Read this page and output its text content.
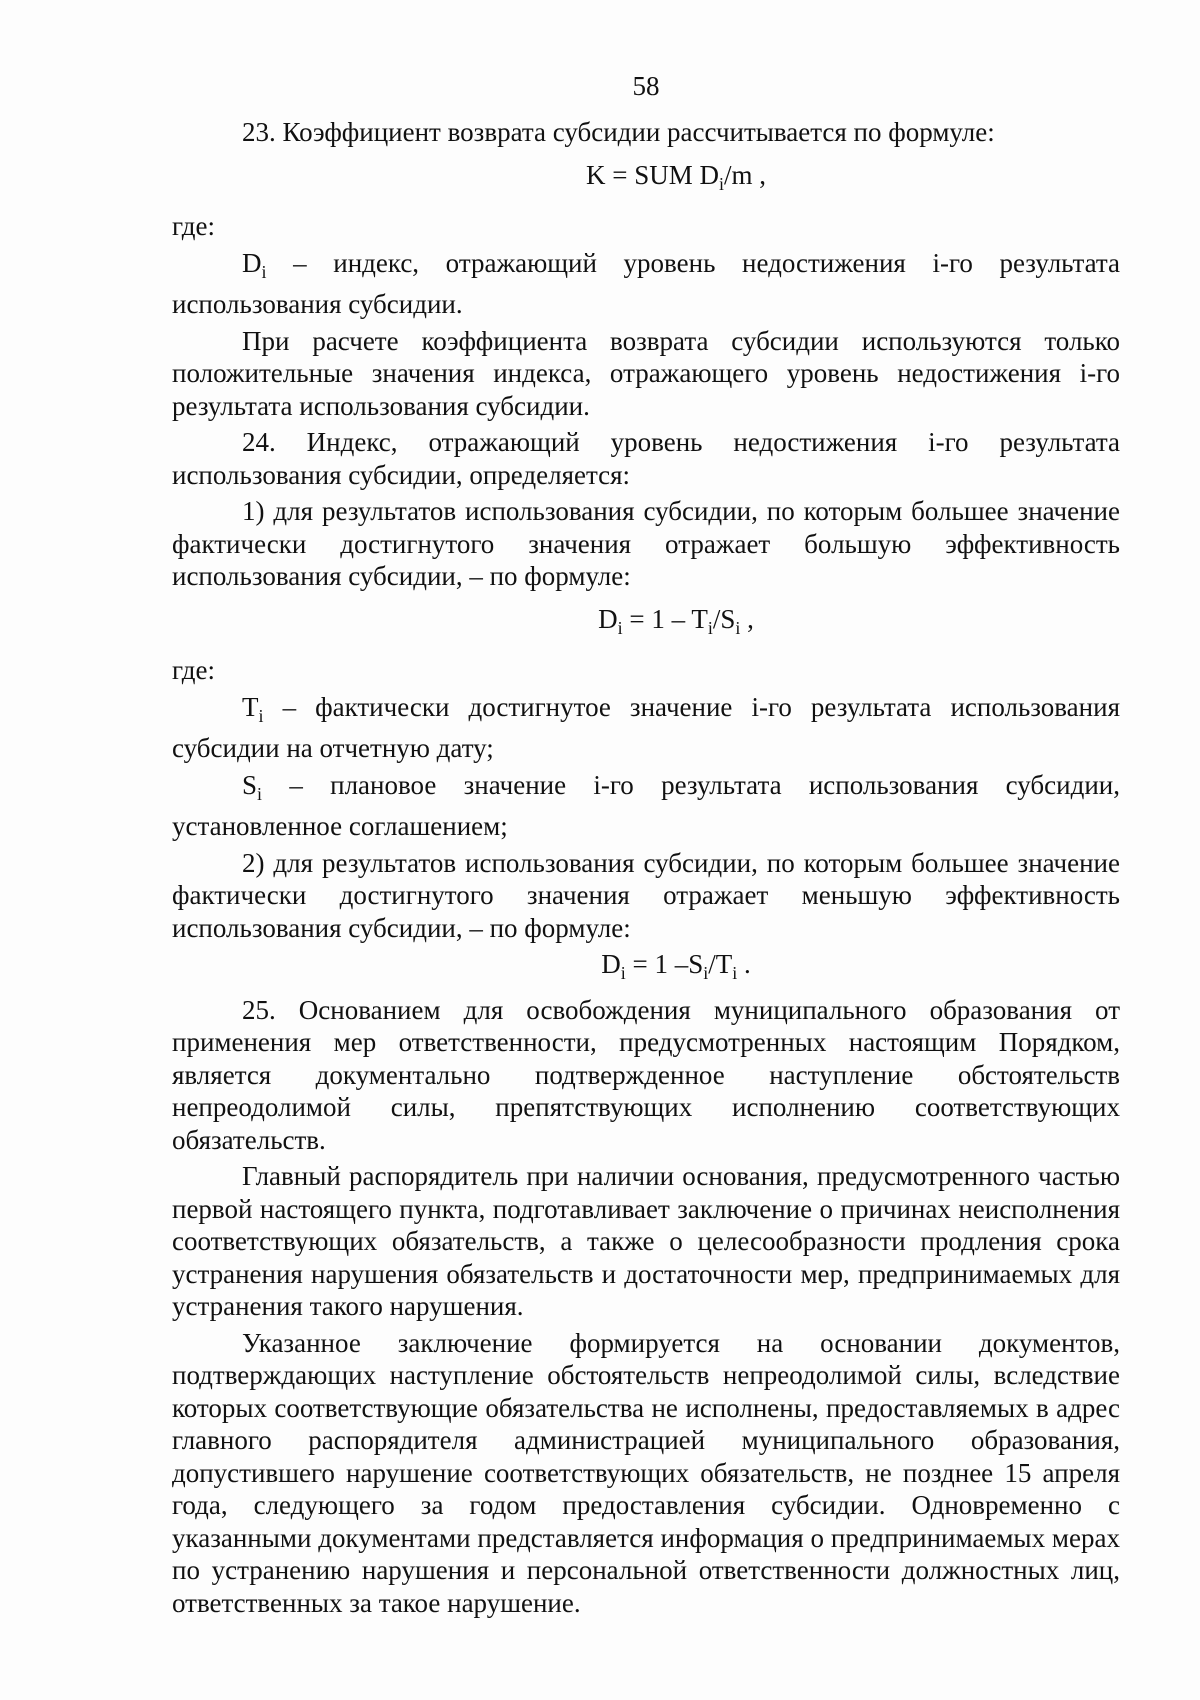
58

23. Коэффициент возврата субсидии рассчитывается по формуле:

K = SUM $D_i/m$ ,

где:

$D_i$ – индекс, отражающий уровень недостижения i-го результата использования субсидии.

При расчете коэффициента возврата субсидии используются только положительные значения индекса, отражающего уровень недостижения i-го результата использования субсидии.

24. Индекс, отражающий уровень недостижения i-го результата использования субсидии, определяется:

1) для результатов использования субсидии, по которым большее значение фактически достигнутого значения отражает большую эффективность использования субсидии, – по формуле:

$D_i = 1 - T_i/S_i$ ,

где:

$T_i$ – фактически достигнутое значение i-го результата использования субсидии на отчетную дату;

$S_i$ – плановое значение i-го результата использования субсидии, установленное соглашением;

2) для результатов использования субсидии, по которым большее значение фактически достигнутого значения отражает меньшую эффективность использования субсидии, – по формуле:

$D_i = 1$ $-S_i/T_i$ .

25. Основанием для освобождения муниципального образования от применения мер ответственности, предусмотренных настоящим Порядком, является документально подтвержденное наступление обстоятельств непреодолимой силы, препятствующих исполнению соответствующих обязательств.

Главный распорядитель при наличии основания, предусмотренного частью первой настоящего пункта, подготавливает заключение о причинах неисполнения соответствующих обязательств, а также о целесообразности продления срока устранения нарушения обязательств и достаточности мер, предпринимаемых для устранения такого нарушения.

Указанное заключение формируется на основании документов, подтверждающих наступление обстоятельств непреодолимой силы, вследствие которых соответствующие обязательства не исполнены, предоставляемых в адрес главного распорядителя администрацией муниципального образования, допустившего нарушение соответствующих обязательств, не позднее 15 апреля года, следующего за годом предоставления субсидии. Одновременно с указанными документами представляется информация о предпринимаемых мерах по устранению нарушения и персональной ответственности должностных лиц, ответственных за такое нарушение.
